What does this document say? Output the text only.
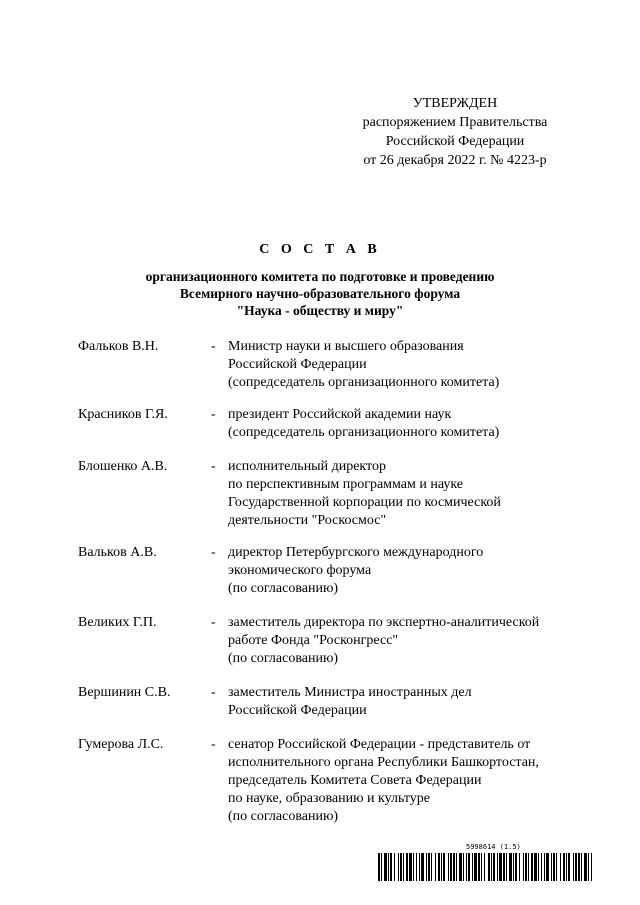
УТВЕРЖДЕН
распоряжением Правительства
Российской Федерации
от 26 декабря 2022 г. № 4223-р
С О С Т А В
организационного комитета по подготовке и проведению
Всемирного научно-образовательного форума
"Наука - обществу и миру"
Фальков В.Н.	- Министр науки и высшего образования
Российской Федерации
(сопредседатель организационного комитета)
Красников Г.Я.	- президент Российской академии наук
(сопредседатель организационного комитета)
Блошенко А.В.	- исполнительный директор
по перспективным программам и науке
Государственной корпорации по космической
деятельности "Роскосмос"
Вальков А.В.	- директор Петербургского международного
экономического форума
(по согласованию)
Великих Г.П.	- заместитель директора по экспертно-аналитической
работе Фонда "Росконгресс"
(по согласованию)
Вершинин С.В.	- заместитель Министра иностранных дел
Российской Федерации
Гумерова Л.С.	- сенатор Российской Федерации - представитель от
исполнительного органа Республики Башкортостан,
председатель Комитета Совета Федерации
по науке, образованию и культуре
(по согласованию)
5998614 (1.5)
